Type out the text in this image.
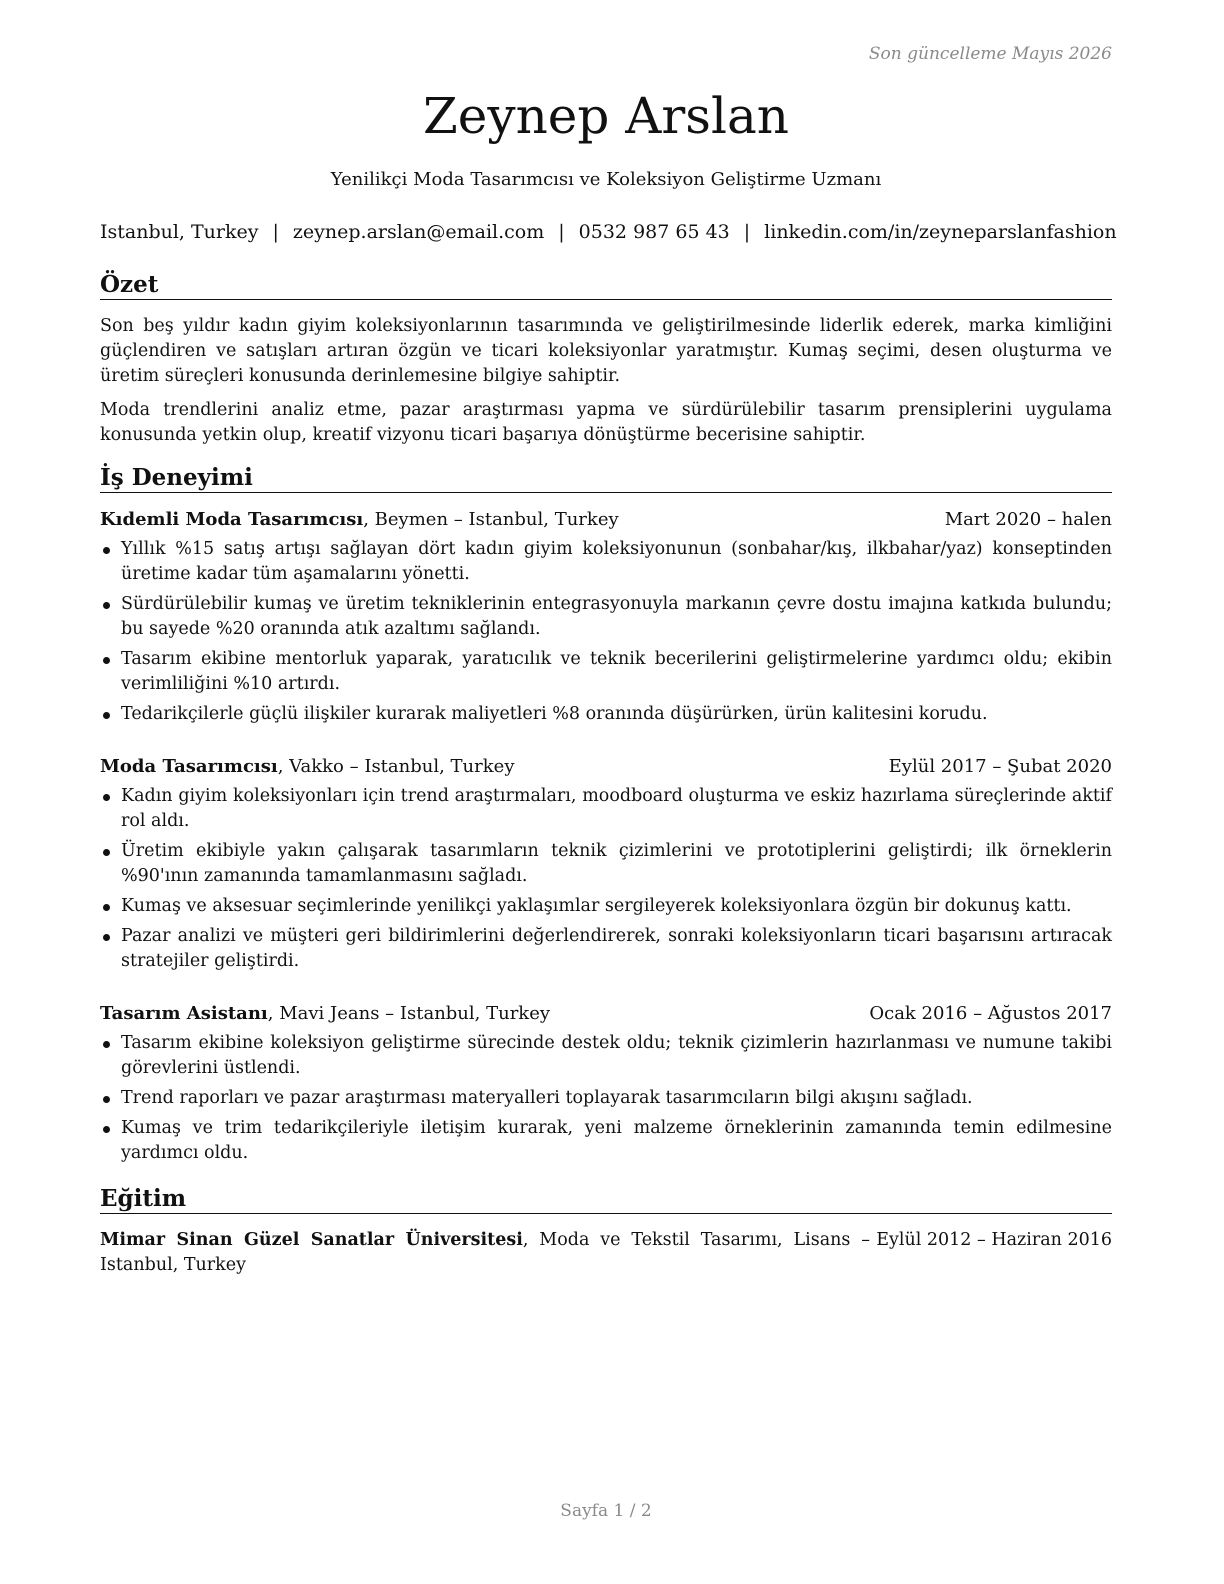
Son güncelleme Mayıs 2026
Zeynep Arslan
Yenilikçi Moda Tasarımcısı ve Koleksiyon Geliştirme Uzmanı
Istanbul, Turkey | zeynep.arslan@email.com | 0532 987 65 43 | linkedin.com/in/zeyneparslanfashion
Özet
Son beş yıldır kadın giyim koleksiyonlarının tasarımında ve geliştirilmesinde liderlik ederek, marka kimliğini güçlendiren ve satışları artıran özgün ve ticari koleksiyonlar yaratmıştır. Kumaş seçimi, desen oluşturma ve üretim süreçleri konusunda derinlemesine bilgiye sahiptir.
Moda trendlerini analiz etme, pazar araştırması yapma ve sürdürülebilir tasarım prensiplerini uygulama konusunda yetkin olup, kreatif vizyonu ticari başarıya dönüştürme becerisine sahiptir.
İş Deneyimi
Kıdemli Moda Tasarımcısı, Beymen – Istanbul, Turkey	Mart 2020 – halen
Yıllık %15 satış artışı sağlayan dört kadın giyim koleksiyonunun (sonbahar/kış, ilkbahar/yaz) konseptinden üretime kadar tüm aşamalarını yönetti.
Sürdürülebilir kumaş ve üretim tekniklerinin entegrasyonuyla markanın çevre dostu imajına katkıda bulundu; bu sayede %20 oranında atık azaltımı sağlandı.
Tasarım ekibine mentorluk yaparak, yaratıcılık ve teknik becerilerini geliştirmelerine yardımcı oldu; ekibin verimliliğini %10 artırdı.
Tedarikçilerle güçlü ilişkiler kurarak maliyetleri %8 oranında düşürürken, ürün kalitesini korudu.
Moda Tasarımcısı, Vakko – Istanbul, Turkey	Eylül 2017 – Şubat 2020
Kadın giyim koleksiyonları için trend araştırmaları, moodboard oluşturma ve eskiz hazırlama süreçlerinde aktif rol aldı.
Üretim ekibiyle yakın çalışarak tasarımların teknik çizimlerini ve prototiplerini geliştirdi; ilk örneklerin %90'ının zamanında tamamlanmasını sağladı.
Kumaş ve aksesuar seçimlerinde yenilikçi yaklaşımlar sergileyerek koleksiyonlara özgün bir dokunuş kattı.
Pazar analizi ve müşteri geri bildirimlerini değerlendirerek, sonraki koleksiyonların ticari başarısını artıracak stratejiler geliştirdi.
Tasarım Asistanı, Mavi Jeans – Istanbul, Turkey	Ocak 2016 – Ağustos 2017
Tasarım ekibine koleksiyon geliştirme sürecinde destek oldu; teknik çizimlerin hazırlanması ve numune takibi görevlerini üstlendi.
Trend raporları ve pazar araştırması materyalleri toplayarak tasarımcıların bilgi akışını sağladı.
Kumaş ve trim tedarikçileriyle iletişim kurarak, yeni malzeme örneklerinin zamanında temin edilmesine yardımcı oldu.
Eğitim
Mimar Sinan Güzel Sanatlar Üniversitesi, Moda ve Tekstil Tasarımı, Lisans – Istanbul, Turkey
Eylül 2012 – Haziran 2016
Sayfa 1 / 2
